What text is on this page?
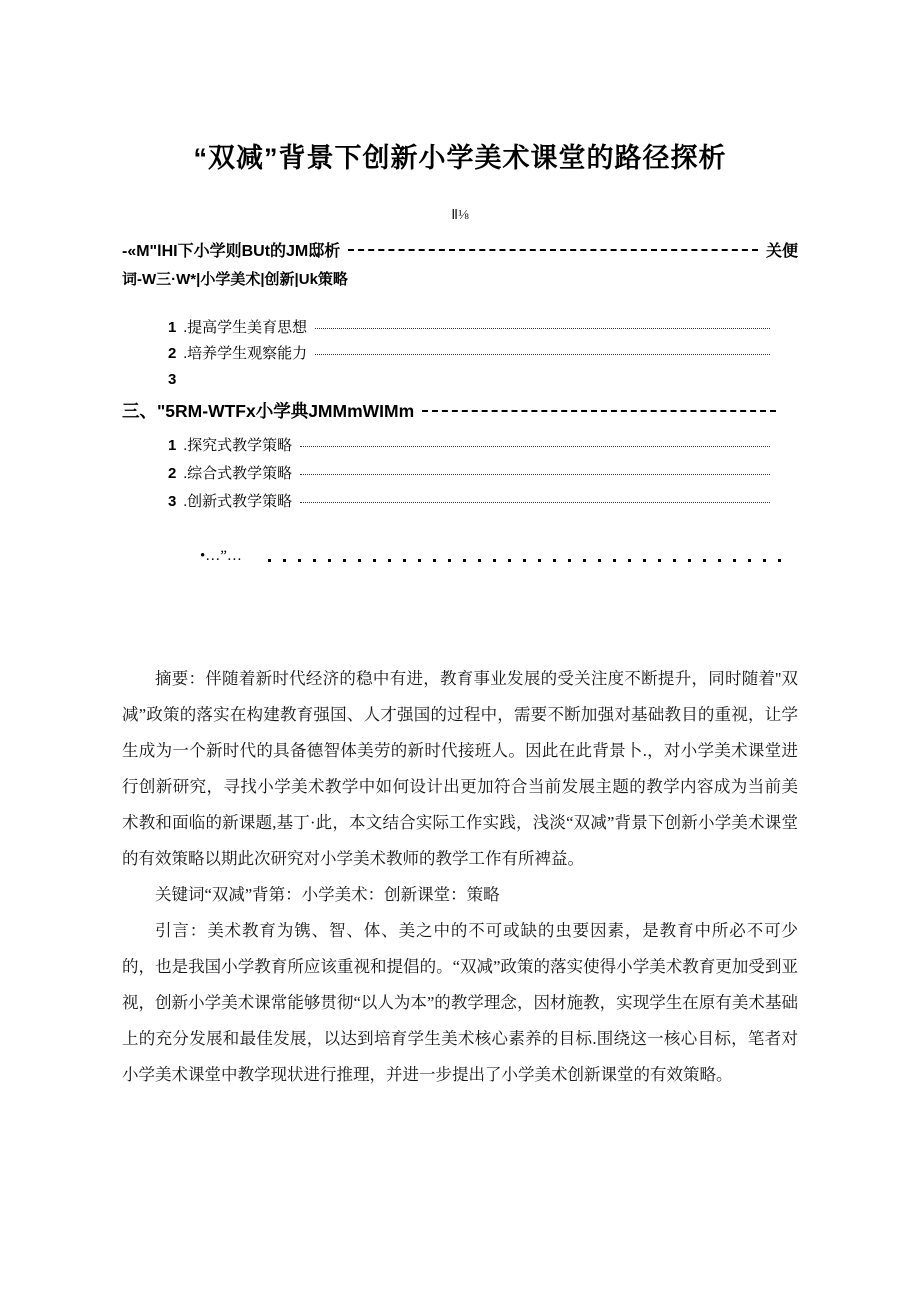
“双减”背景下创新小学美术课堂的路径探析
Ⅱ⅛
-«M"lHI下小学则BUt的JM邸析	关便
词-W三·W*|小学美术|创新|Uk策略
1 .提高学生美育思想
2 .培养学生观察能力
3
三、"5RM-WTFx小学典JMMmWIMm
1 .探究式教学策略
2 .综合式教学策略
3 .创新式教学策略
•…”…

摘要：伴随着新时代经济的稳中有进，教育事业发展的受关注度不断提升，同时随着''双减”政策的落实在构建教育强国、人才强国的过程中，需要不断加强对基础教目的重视，让学生成为一个新时代的具备德智体美劳的新时代接班人。因此在此背景卜.，对小学美术课堂进行创新研究，寻找小学美术教学中如何设计出更加符合当前发展主题的教学内容成为当前美术教和面临的新课题,基丁·此，本文结合实际工作实践，浅淡“双减”背景下创新小学美术课堂的有效策略以期此次研究对小学美术教师的教学工作有所裨益。

关键词“双减”背第：小学美术：创新课堂：策略

引言：美术教育为镌、智、体、美之中的不可或缺的虫要因素，是教育中所必不可少的，也是我国小学教育所应该重视和提倡的。“双减”政策的落实使得小学美术教育更加受到亚视，创新小学美术课常能够贯彻“以人为本”的教学理念，因材施教，实现学生在原有美术基础上的充分发展和最佳发展，以达到培育学生美术核心素养的目标.围绕这一核心目标，笔者对小学美术课堂中教学现状进行推理，并进一步提出了小学美术创新课堂的有效策略。
